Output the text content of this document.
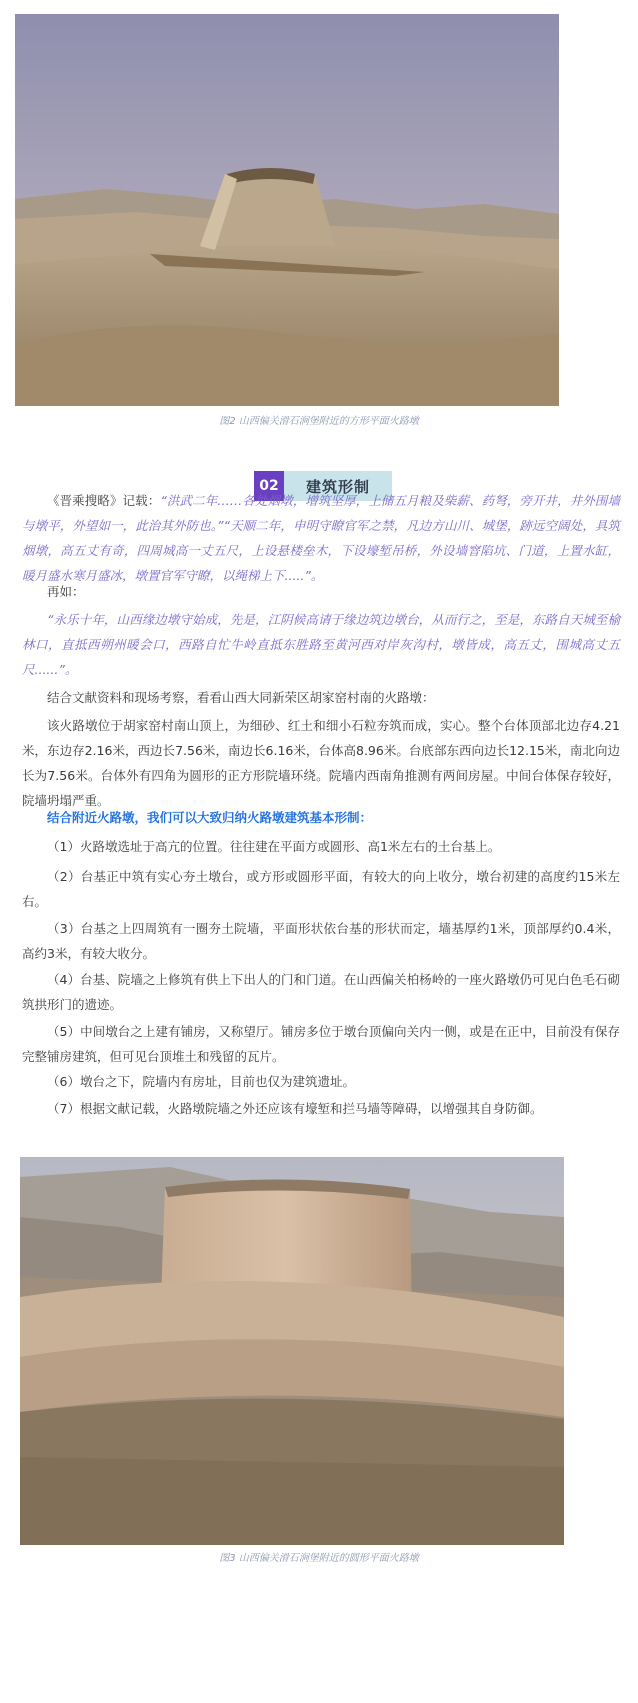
图2 山西偏关滑石涧堡附近的方形平面火路墩
02	建筑形制

《晋乘搜略》记载：“洪武二年……各处烟墩，增筑坚厚，上储五月粮及柴薪、药弩，旁开井，井外围墙与墩平，外望如一，此治其外防也。”“天顺二年，申明守瞭官军之禁，凡边方山川、城堡，跡远空阔处，具筑烟墩，高五丈有奇，四周城高一丈五尺，上设悬楼垒木，下设壕堑吊桥，外设墙窨陷坑、门道，上置水缸，暖月盛水寒月盛冰，墩置官军守瞭，以绳梯上下.....”。

再如：

“永乐十年，山西缘边墩守始成，先是，江阴候高请于缘边筑边墩台，从而行之，至是，东路自天城至榆林口，直抵西朔州暖会口，西路自忙牛岭直抵东胜路至黄河西对岸灰沟村，墩皆成，高五丈，围城高丈五尺......”。

结合文献资料和现场考察，看看山西大同新荣区胡家窑村南的火路墩：

该火路墩位于胡家窑村南山顶上，为细砂、红土和细小石粒夯筑而成，实心。整个台体顶部北边存4.21米，东边存2.16米，西边长7.56米，南边长6.16米，台体高8.96米。台底部东西向边长12.15米，南北向边长为7.56米。台体外有四角为圆形的正方形院墙环绕。院墙内西南角推测有两间房屋。中间台体保存较好，院墙坍塌严重。

结合附近火路墩，我们可以大致归纳火路墩建筑基本形制：

（1）火路墩选址于高亢的位置。往往建在平面方或圆形、高1米左右的土台基上。

（2）台基正中筑有实心夯土墩台，或方形或圆形平面，有较大的向上收分，墩台初建的高度约15米左右。

（3）台基之上四周筑有一圈夯土院墙，平面形状依台基的形状而定，墙基厚约1米，顶部厚约0.4米，高约3米，有较大收分。

（4）台基、院墙之上修筑有供上下出人的门和门道。在山西偏关柏杨岭的一座火路墩仍可见白色毛石砌筑拱形门的遗迹。

（5）中间墩台之上建有铺房，又称望厅。铺房多位于墩台顶偏向关内一侧，或是在正中，目前没有保存完整铺房建筑，但可见台顶堆土和残留的瓦片。

（6）墩台之下，院墙内有房址，目前也仅为建筑遗址。

（7）根据文献记载，火路墩院墙之外还应该有壕堑和拦马墙等障碍，以增强其自身防御。

图3 山西偏关滑石涧堡附近的圆形平面火路墩
